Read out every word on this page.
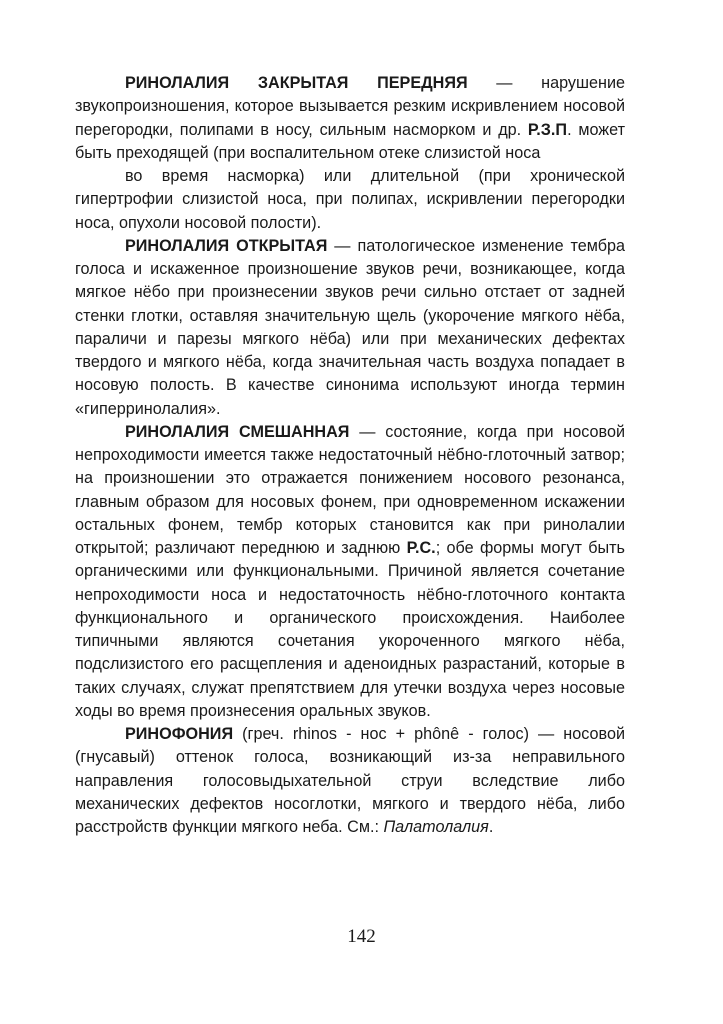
РИНОЛАЛИЯ ЗАКРЫТАЯ ПЕРЕДНЯЯ — нарушение звукопроизношения, которое вызывается резким искривлением носовой перегородки, полипами в носу, сильным насморком и др. Р.З.П. может быть преходящей (при воспалительном отеке слизистой носа

во время насморка) или длительной (при хронической гипертрофии слизистой носа, при полипах, искривлении перегородки носа, опухоли носовой полости).

РИНОЛАЛИЯ ОТКРЫТАЯ — патологическое изменение тембра голоса и искаженное произношение звуков речи, возникающее, когда мягкое нёбо при произнесении звуков речи сильно отстает от задней стенки глотки, оставляя значительную щель (укорочение мягкого нёба, параличи и парезы мягкого нёба) или при механических дефектах твердого и мягкого нёба, когда значительная часть воздуха попадает в носовую полость. В качестве синонима используют иногда термин «гиперринолалия».

РИНОЛАЛИЯ СМЕШАННАЯ — состояние, когда при носовой непроходимости имеется также недостаточный нёбно-глоточный затвор; на произношении это отражается понижением носового резонанса, главным образом для носовых фонем, при одновременном искажении остальных фонем, тембр которых становится как при ринолалии открытой; различают переднюю и заднюю Р.С.; обе формы могут быть органическими или функциональными. Причиной является сочетание непроходимости носа и недостаточность нёбно-глоточного контакта функционального и органического происхождения. Наиболее типичными являются сочетания укороченного мягкого нёба, подслизистого его расщепления и аденоидных разрастаний, которые в таких случаях, служат препятствием для утечки воздуха через носовые ходы во время произнесения оральных звуков.

РИНОФОНИЯ (греч. rhinos - нос + phônê - голос) — носовой (гнусавый) оттенок голоса, возникающий из-за неправильного направления голосовыдыхательной струи вследствие либо механических дефектов носоглотки, мягкого и твердого нёба, либо расстройств функции мягкого неба. См.: Палатолалия.

142
